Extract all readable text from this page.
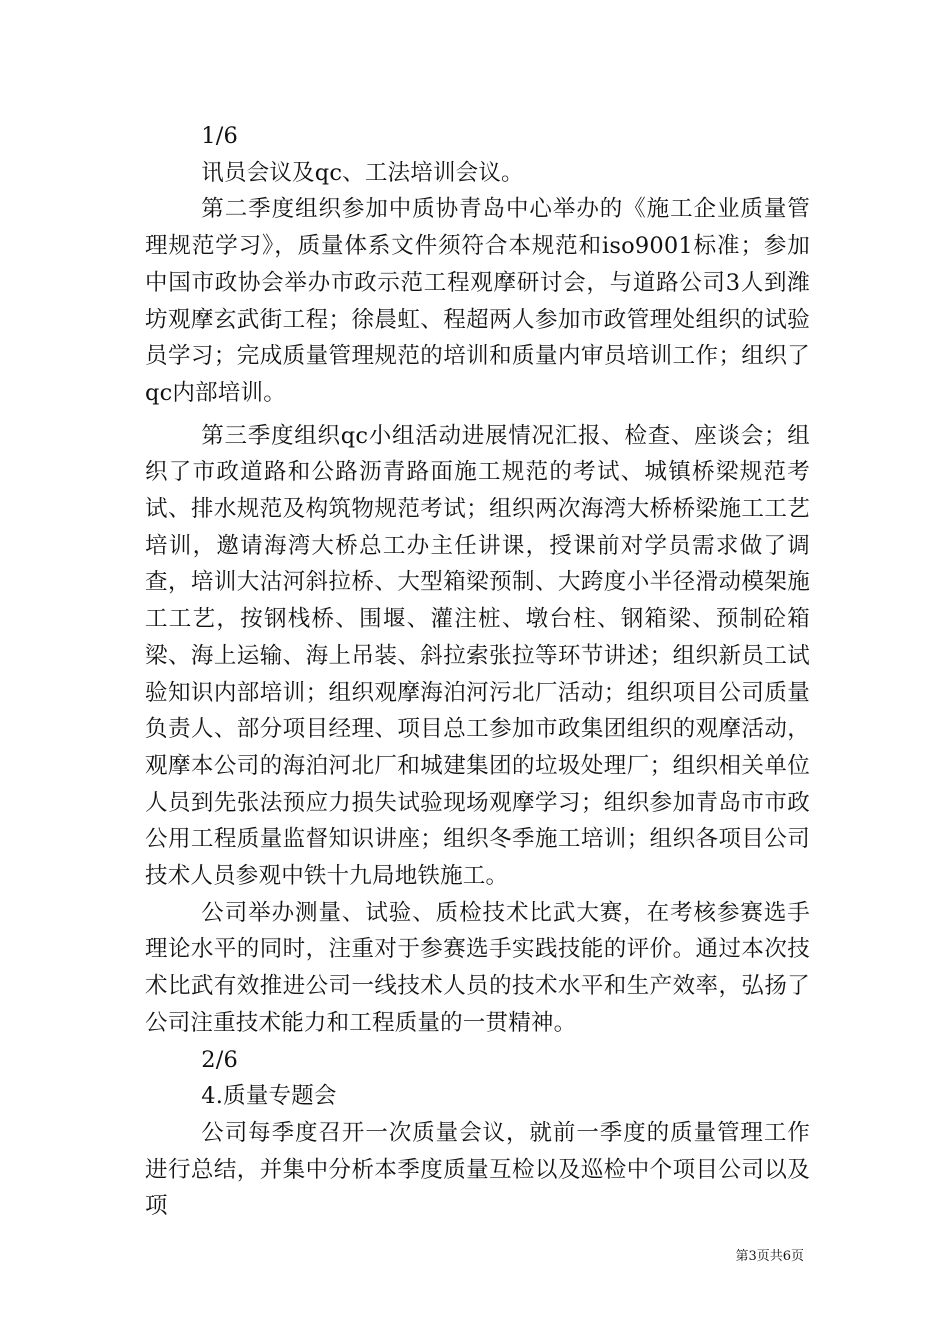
1/6

讯员会议及qc、工法培训会议。

第二季度组织参加中质协青岛中心举办的《施工企业质量管理规范学习》，质量体系文件须符合本规范和iso9001标准；参加中国市政协会举办市政示范工程观摩研讨会，与道路公司3人到潍坊观摩玄武街工程；徐晨虹、程超两人参加市政管理处组织的试验员学习；完成质量管理规范的培训和质量内审员培训工作；组织了qc内部培训。

第三季度组织qc小组活动进展情况汇报、检查、座谈会；组织了市政道路和公路沥青路面施工规范的考试、城镇桥梁规范考试、排水规范及构筑物规范考试；组织两次海湾大桥桥梁施工工艺培训，邀请海湾大桥总工办主任讲课，授课前对学员需求做了调查，培训大沽河斜拉桥、大型箱梁预制、大跨度小半径滑动模架施工工艺，按钢栈桥、围堰、灌注桩、墩台柱、钢箱梁、预制砼箱梁、海上运输、海上吊装、斜拉索张拉等环节讲述；组织新员工试验知识内部培训；组织观摩海泊河污北厂活动；组织项目公司质量负责人、部分项目经理、项目总工参加市政集团组织的观摩活动，观摩本公司的海泊河北厂和城建集团的垃圾处理厂；组织相关单位人员到先张法预应力损失试验现场观摩学习；组织参加青岛市市政公用工程质量监督知识讲座；组织冬季施工培训；组织各项目公司技术人员参观中铁十九局地铁施工。

公司举办测量、试验、质检技术比武大赛，在考核参赛选手理论水平的同时，注重对于参赛选手实践技能的评价。通过本次技术比武有效推进公司一线技术人员的技术水平和生产效率，弘扬了公司注重技术能力和工程质量的一贯精神。

2/6

4.质量专题会

公司每季度召开一次质量会议，就前一季度的质量管理工作进行总结，并集中分析本季度质量互检以及巡检中个项目公司以及项

第3页共6页
